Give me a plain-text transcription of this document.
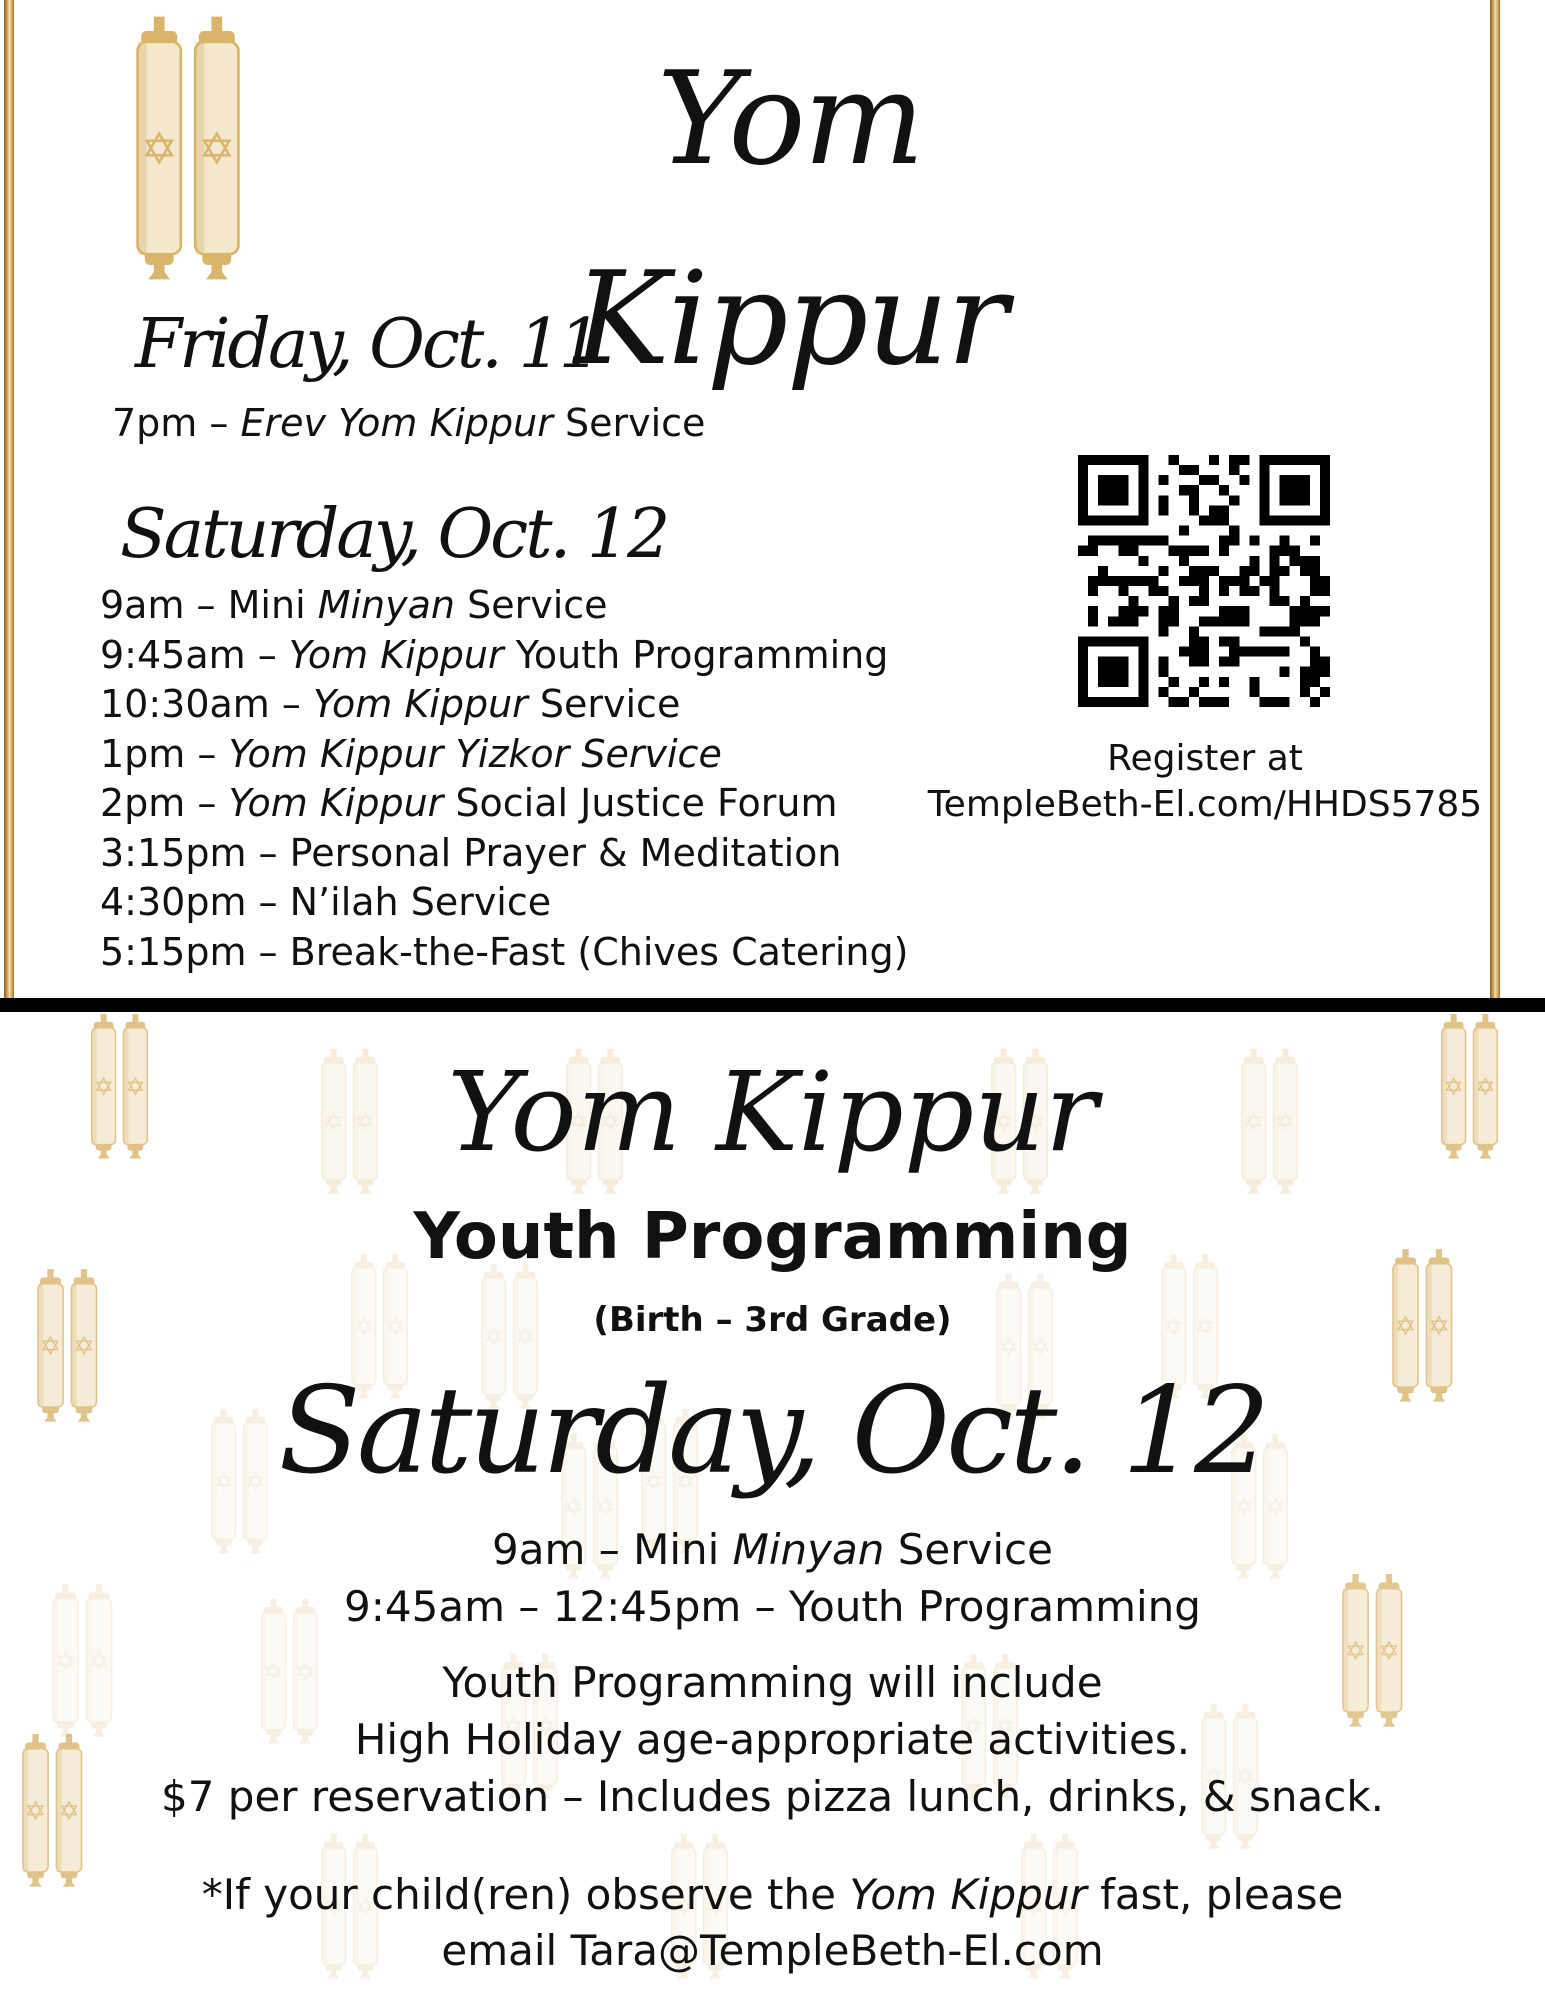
Yom Kippur
Friday, Oct. 11
7pm – Erev Yom Kippur Service
Saturday, Oct. 12
9am – Mini Minyan Service
9:45am – Yom Kippur Youth Programming
10:30am – Yom Kippur Service
1pm – Yom Kippur Yizkor Service
2pm – Yom Kippur Social Justice Forum
3:15pm – Personal Prayer & Meditation
4:30pm – N’ilah Service
5:15pm – Break-the-Fast (Chives Catering)
Register at
TempleBeth-El.com/HHDS5785
Yom Kippur
Youth Programming
(Birth – 3rd Grade)
Saturday, Oct. 12
9am – Mini Minyan Service
9:45am – 12:45pm – Youth Programming
Youth Programming will include
High Holiday age-appropriate activities.
$7 per reservation – Includes pizza lunch, drinks, & snack.
*If your child(ren) observe the Yom Kippur fast, please
email Tara@TempleBeth-El.com
